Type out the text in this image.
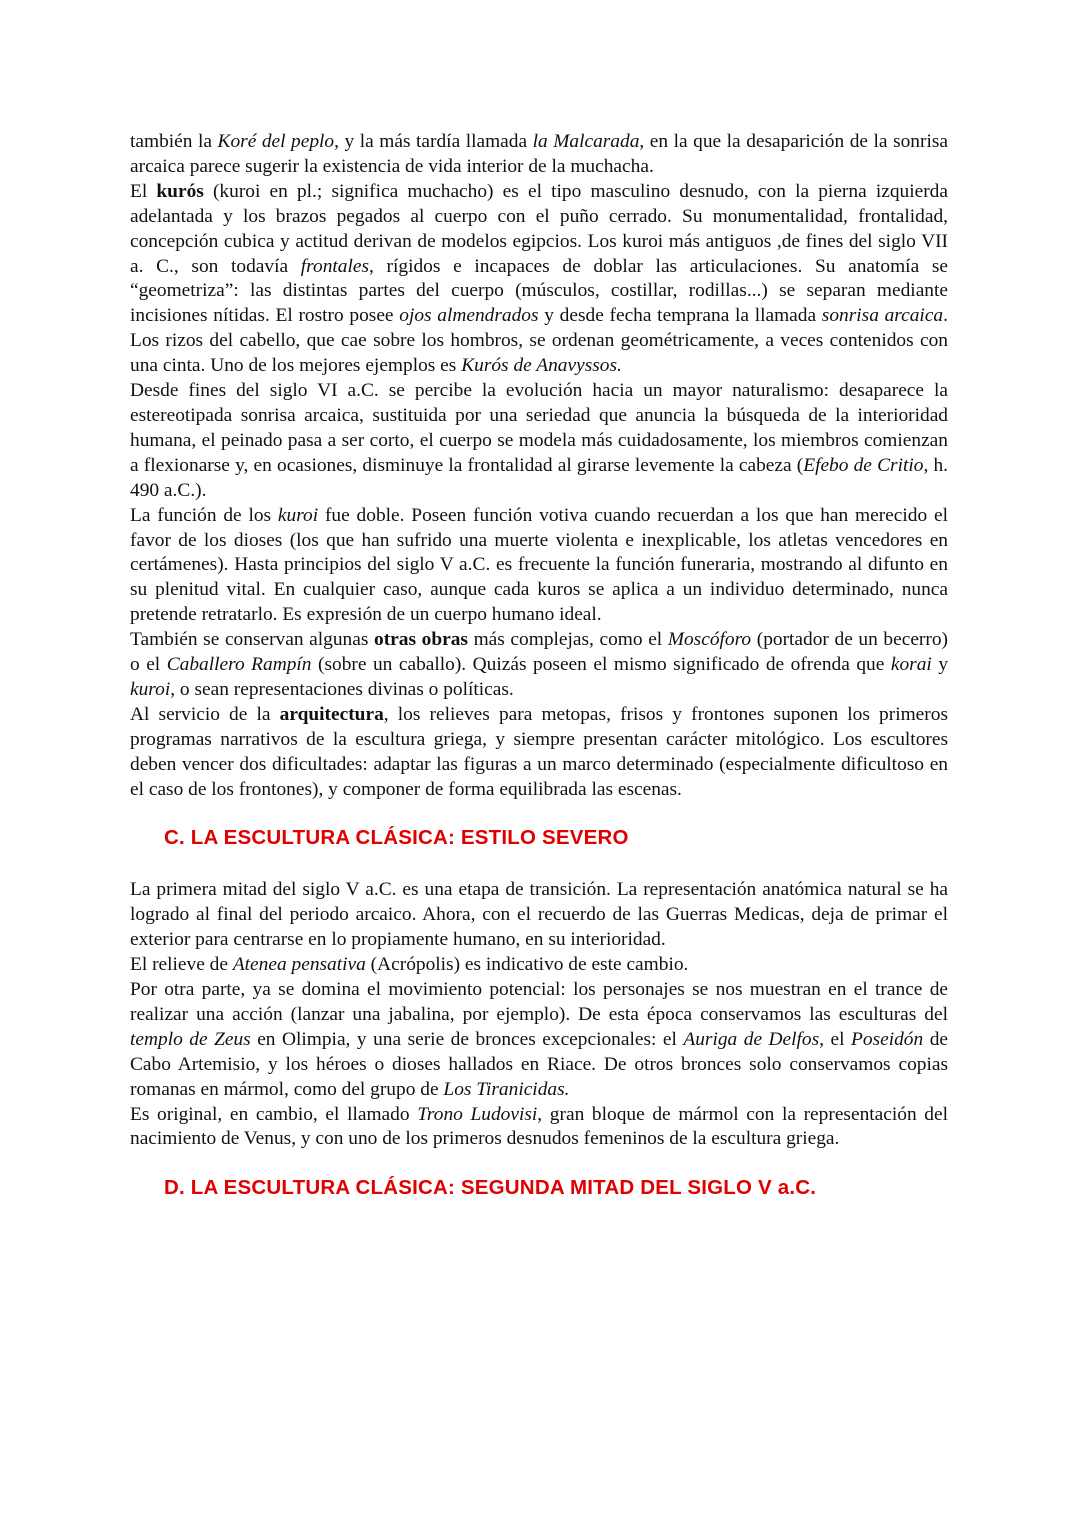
también la Koré del peplo, y la más tardía llamada la Malcarada, en la que la desaparición de la sonrisa arcaica parece sugerir la existencia de vida interior de la muchacha.

El kurós (kuroi en pl.; significa muchacho) es el tipo masculino desnudo, con la pierna izquierda adelantada y los brazos pegados al cuerpo con el puño cerrado. Su monumentalidad, frontalidad, concepción cubica y actitud derivan de modelos egipcios. Los kuroi más antiguos ,de fines del siglo VII a. C., son todavía frontales, rígidos e incapaces de doblar las articulaciones. Su anatomía se “geometriza”: las distintas partes del cuerpo (músculos, costillar, rodillas...) se separan mediante incisiones nítidas. El rostro posee ojos almendrados y desde fecha temprana la llamada sonrisa arcaica. Los rizos del cabello, que cae sobre los hombros, se ordenan geométricamente, a veces contenidos con una cinta. Uno de los mejores ejemplos es Kurós de Anavyssos.

Desde fines del siglo VI a.C. se percibe la evolución hacia un mayor naturalismo: desaparece la estereotipada sonrisa arcaica, sustituida por una seriedad que anuncia la búsqueda de la interioridad humana, el peinado pasa a ser corto, el cuerpo se modela más cuidadosamente, los miembros comienzan a flexionarse y, en ocasiones, disminuye la frontalidad al girarse levemente la cabeza (Efebo de Critio, h. 490 a.C.).

La función de los kuroi fue doble. Poseen función votiva cuando recuerdan a los que han merecido el favor de los dioses (los que han sufrido una muerte violenta e inexplicable, los atletas vencedores en certámenes). Hasta principios del siglo V a.C. es frecuente la función funeraria, mostrando al difunto en su plenitud vital. En cualquier caso, aunque cada kuros se aplica a un individuo determinado, nunca pretende retratarlo. Es expresión de un cuerpo humano ideal.

También se conservan algunas otras obras más complejas, como el Moscóforo (portador de un becerro) o el Caballero Rampín (sobre un caballo). Quizás poseen el mismo significado de ofrenda que korai y kuroi, o sean representaciones divinas o políticas.

Al servicio de la arquitectura, los relieves para metopas, frisos y frontones suponen los primeros programas narrativos de la escultura griega, y siempre presentan carácter mitológico. Los escultores deben vencer dos dificultades: adaptar las figuras a un marco determinado (especialmente dificultoso en el caso de los frontones), y componer de forma equilibrada las escenas.

C. LA ESCULTURA CLÁSICA: ESTILO SEVERO

La primera mitad del siglo V a.C. es una etapa de transición. La representación anatómica natural se ha logrado al final del periodo arcaico. Ahora, con el recuerdo de las Guerras Medicas, deja de primar el exterior para centrarse en lo propiamente humano, en su interioridad.

El relieve de Atenea pensativa (Acrópolis) es indicativo de este cambio.

Por otra parte, ya se domina el movimiento potencial: los personajes se nos muestran en el trance de realizar una acción (lanzar una jabalina, por ejemplo). De esta época conservamos las esculturas del templo de Zeus en Olimpia, y una serie de bronces excepcionales: el Auriga de Delfos, el Poseidón de Cabo Artemisio, y los héroes o dioses hallados en Riace. De otros bronces solo conservamos copias romanas en mármol, como del grupo de Los Tiranicidas.

Es original, en cambio, el llamado Trono Ludovisi, gran bloque de mármol con la representación del nacimiento de Venus, y con uno de los primeros desnudos femeninos de la escultura griega.

D. LA ESCULTURA CLÁSICA: SEGUNDA MITAD DEL SIGLO V a.C.
